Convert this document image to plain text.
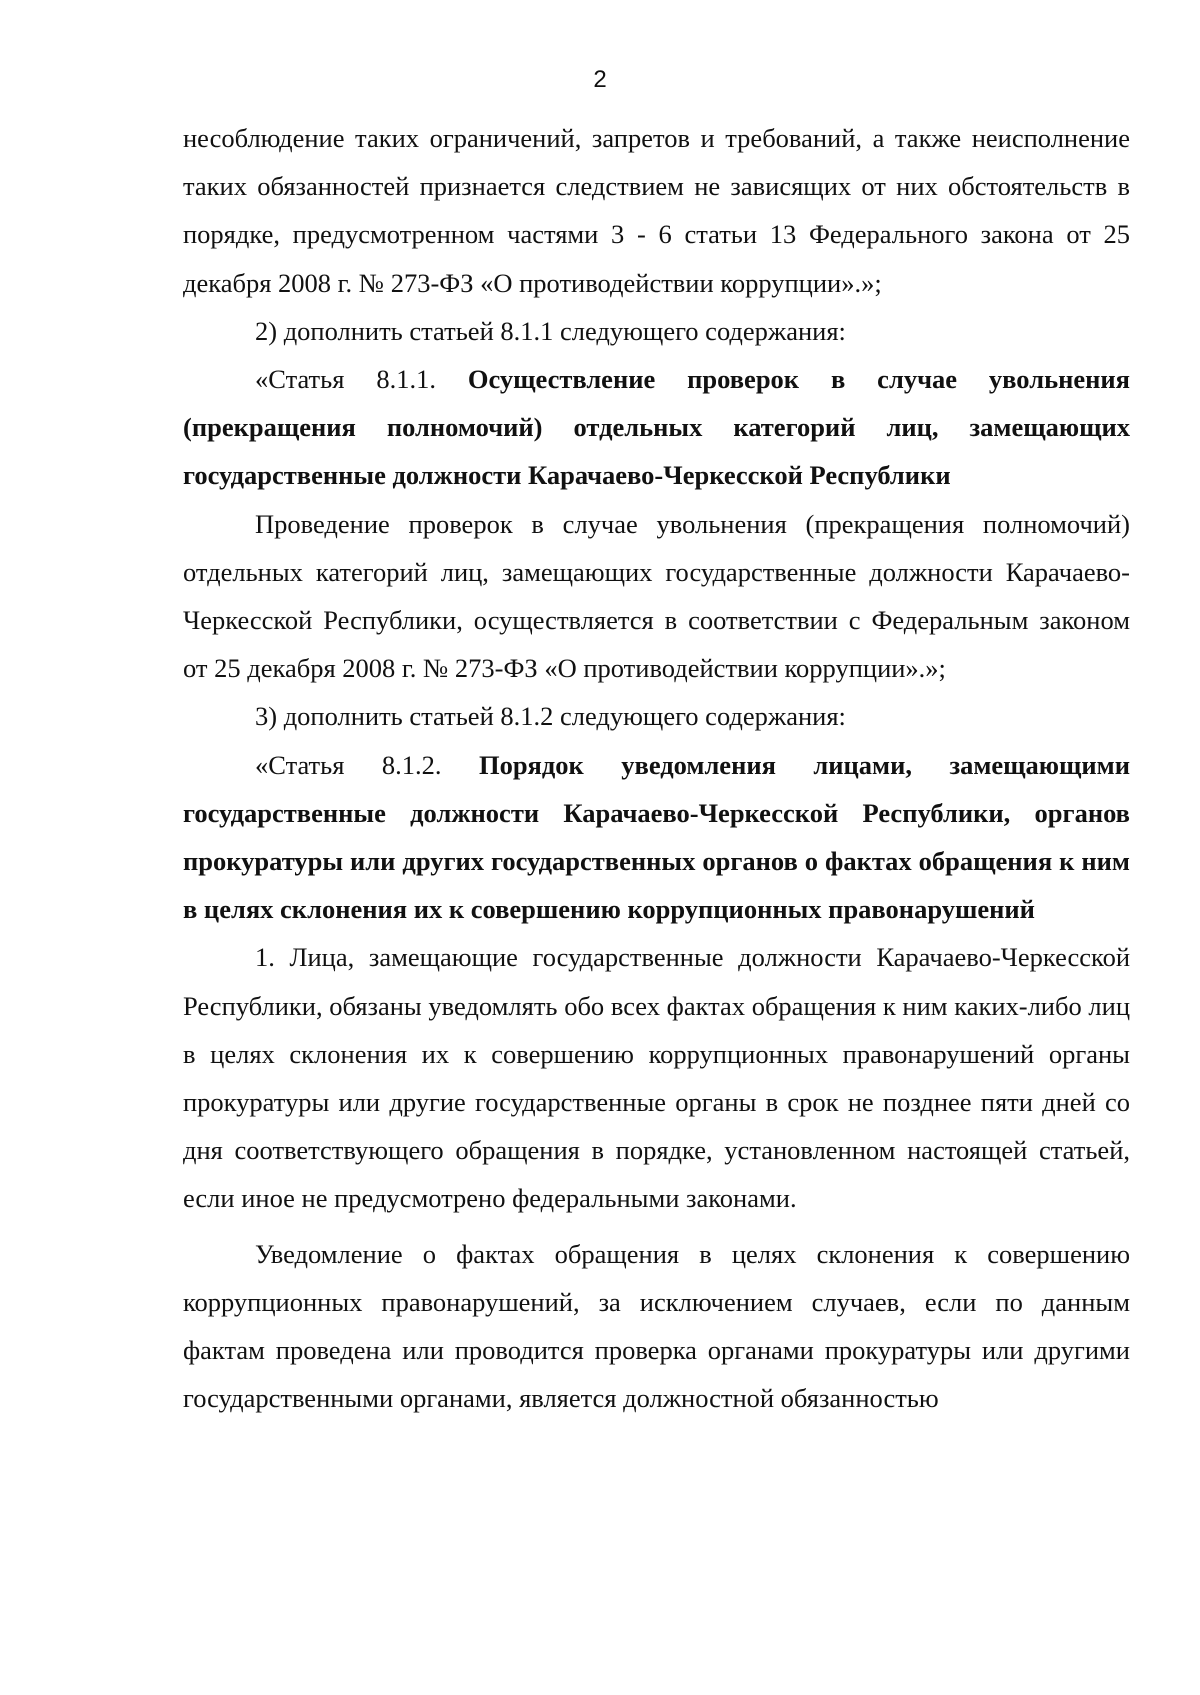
2

несоблюдение таких ограничений, запретов и требований, а также неисполнение таких обязанностей признается следствием не зависящих от них обстоятельств в порядке, предусмотренном частями 3 - 6 статьи 13 Федерального закона от 25 декабря 2008 г. № 273-ФЗ «О противодействии коррупции».»;

2) дополнить статьей 8.1.1 следующего содержания:

«Статья 8.1.1. Осуществление проверок в случае увольнения (прекращения полномочий) отдельных категорий лиц, замещающих государственные должности Карачаево-Черкесской Республики

Проведение проверок в случае увольнения (прекращения полномочий) отдельных категорий лиц, замещающих государственные должности Карачаево-Черкесской Республики, осуществляется в соответствии с Федеральным законом от 25 декабря 2008 г. № 273-ФЗ «О противодействии коррупции».»;

3) дополнить статьей 8.1.2 следующего содержания:

«Статья 8.1.2. Порядок уведомления лицами, замещающими государственные должности Карачаево-Черкесской Республики, органов прокуратуры или других государственных органов о фактах обращения к ним в целях склонения их к совершению коррупционных правонарушений

1. Лица, замещающие государственные должности Карачаево-Черкесской Республики, обязаны уведомлять обо всех фактах обращения к ним каких-либо лиц в целях склонения их к совершению коррупционных правонарушений органы прокуратуры или другие государственные органы в срок не позднее пяти дней со дня соответствующего обращения в порядке, установленном настоящей статьей, если иное не предусмотрено федеральными законами.

Уведомление о фактах обращения в целях склонения к совершению коррупционных правонарушений, за исключением случаев, если по данным фактам проведена или проводится проверка органами прокуратуры или другими государственными органами, является должностной обязанностью
